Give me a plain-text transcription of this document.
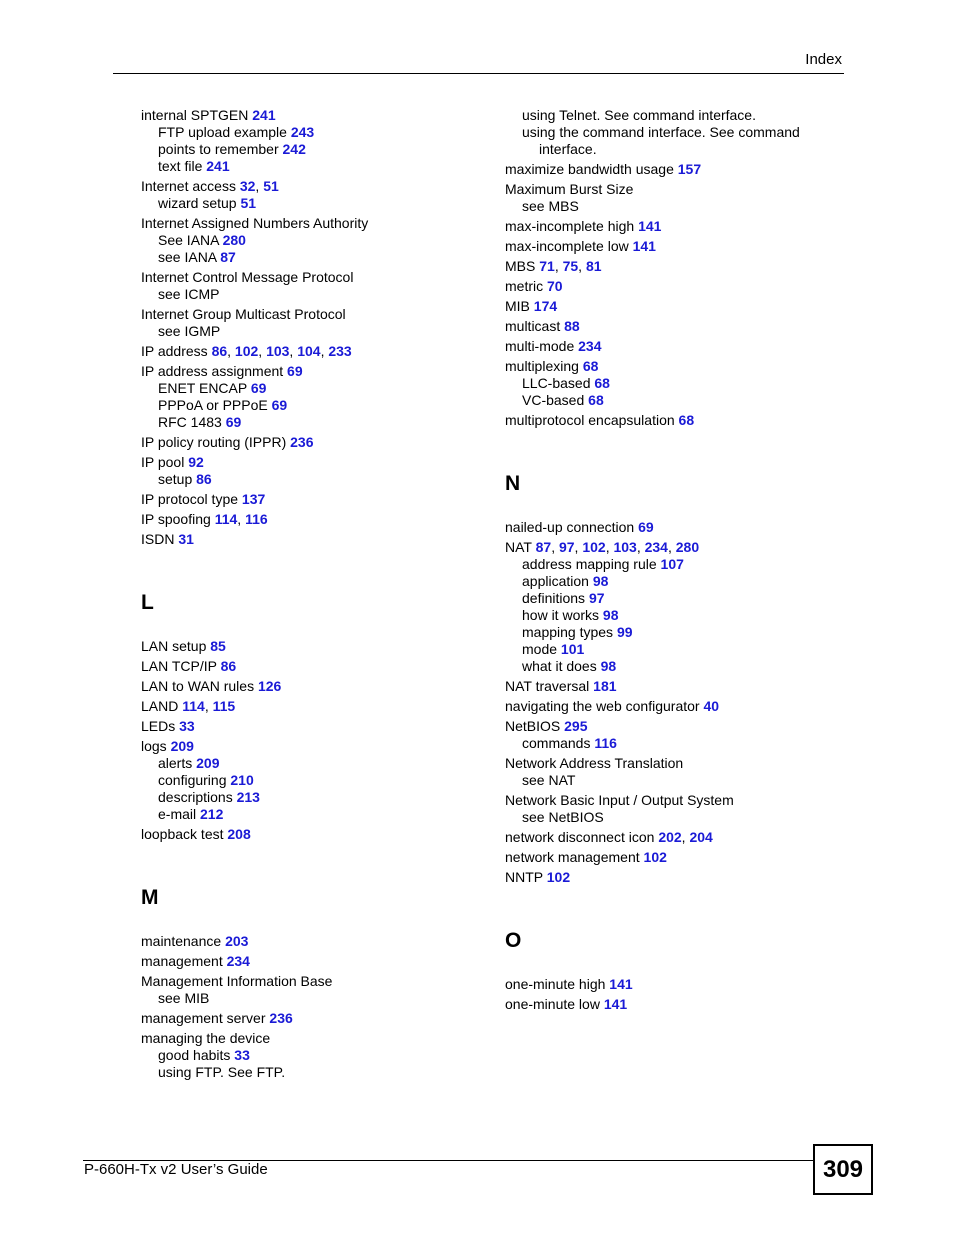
Index
internal SPTGEN 241
FTP upload example 243
points to remember 242
text file 241
Internet access 32, 51
wizard setup 51
Internet Assigned Numbers Authority
See IANA 280
see IANA 87
Internet Control Message Protocol
see ICMP
Internet Group Multicast Protocol
see IGMP
IP address 86, 102, 103, 104, 233
IP address assignment 69
ENET ENCAP 69
PPPoA or PPPoE 69
RFC 1483 69
IP policy routing (IPPR) 236
IP pool 92
setup 86
IP protocol type 137
IP spoofing 114, 116
ISDN 31
L
LAN setup 85
LAN TCP/IP 86
LAN to WAN rules 126
LAND 114, 115
LEDs 33
logs 209
alerts 209
configuring 210
descriptions 213
e-mail 212
loopback test 208
M
maintenance 203
management 234
Management Information Base
see MIB
management server 236
managing the device
good habits 33
using FTP. See FTP.
using Telnet. See command interface.
using the command interface. See command
interface.
maximize bandwidth usage 157
Maximum Burst Size
see MBS
max-incomplete high 141
max-incomplete low 141
MBS 71, 75, 81
metric 70
MIB 174
multicast 88
multi-mode 234
multiplexing 68
LLC-based 68
VC-based 68
multiprotocol encapsulation 68
N
nailed-up connection 69
NAT 87, 97, 102, 103, 234, 280
address mapping rule 107
application 98
definitions 97
how it works 98
mapping types 99
mode 101
what it does 98
NAT traversal 181
navigating the web configurator 40
NetBIOS 295
commands 116
Network Address Translation
see NAT
Network Basic Input / Output System
see NetBIOS
network disconnect icon 202, 204
network management 102
NNTP 102
O
one-minute high 141
one-minute low 141
P-660H-Tx v2 User’s Guide	309
